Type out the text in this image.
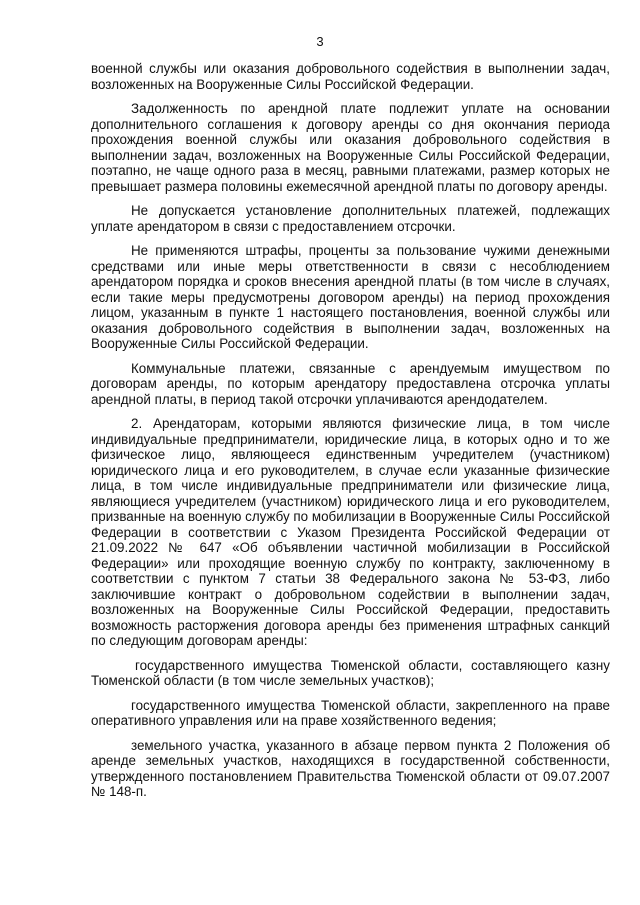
3

военной службы или оказания добровольного содействия в выполнении задач, возложенных на Вооруженные Силы Российской Федерации.

Задолженность по арендной плате подлежит уплате на основании дополнительного соглашения к договору аренды со дня окончания периода прохождения военной службы или оказания добровольного содействия в выполнении задач, возложенных на Вооруженные Силы Российской Федерации, поэтапно, не чаще одного раза в месяц, равными платежами, размер которых не превышает размера половины ежемесячной арендной платы по договору аренды.

Не допускается установление дополнительных платежей, подлежащих уплате арендатором в связи с предоставлением отсрочки.

Не применяются штрафы, проценты за пользование чужими денежными средствами или иные меры ответственности в связи с несоблюдением арендатором порядка и сроков внесения арендной платы (в том числе в случаях, если такие меры предусмотрены договором аренды) на период прохождения лицом, указанным в пункте 1 настоящего постановления, военной службы или оказания добровольного содействия в выполнении задач, возложенных на Вооруженные Силы Российской Федерации.

Коммунальные платежи, связанные с арендуемым имуществом по договорам аренды, по которым арендатору предоставлена отсрочка уплаты арендной платы, в период такой отсрочки уплачиваются арендодателем.

2. Арендаторам, которыми являются физические лица, в том числе индивидуальные предприниматели, юридические лица, в которых одно и то же физическое лицо, являющееся единственным учредителем (участником) юридического лица и его руководителем, в случае если указанные физические лица, в том числе индивидуальные предприниматели или физические лица, являющиеся учредителем (участником) юридического лица и его руководителем, призванные на военную службу по мобилизации в Вооруженные Силы Российской Федерации в соответствии с Указом Президента Российской Федерации от 21.09.2022 № 647 «Об объявлении частичной мобилизации в Российской Федерации» или проходящие военную службу по контракту, заключенному в соответствии с пунктом 7 статьи 38 Федерального закона № 53-ФЗ, либо заключившие контракт о добровольном содействии в выполнении задач, возложенных на Вооруженные Силы Российской Федерации, предоставить возможность расторжения договора аренды без применения штрафных санкций по следующим договорам аренды:

государственного имущества Тюменской области, составляющего казну Тюменской области (в том числе земельных участков);

государственного имущества Тюменской области, закрепленного на праве оперативного управления или на праве хозяйственного ведения;

земельного участка, указанного в абзаце первом пункта 2 Положения об аренде земельных участков, находящихся в государственной собственности, утвержденного постановлением Правительства Тюменской области от 09.07.2007 № 148-п.
